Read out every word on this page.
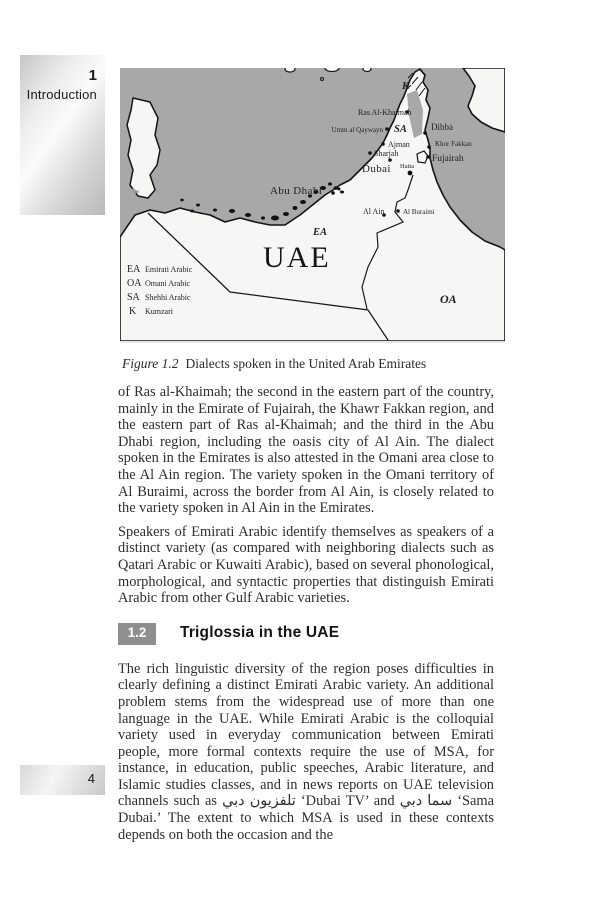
1
Introduction
Ras Al-Khaimah
Umm al Qaywayn
Ajman
Sharjah
Dubai Hatta
Dibba
Khor Fakkan
Fujairah
Abu Dhabi
Al Ain	Al Buraimi
K
SA
EA
OA
UAE
EA Emirati Arabic
OA Omani Arabic
SA Shehhi Arabic
K Kumzari
Figure 1.2 Dialects spoken in the United Arab Emirates

of Ras al-Khaimah; the second in the eastern part of the country, mainly in the Emirate of Fujairah, the Khawr Fakkan region, and the eastern part of Ras al-Khaimah; and the third in the Abu Dhabi region, including the oasis city of Al Ain. The dialect spoken in the Emirates is also attested in the Omani area close to the Al Ain region. The variety spoken in the Omani territory of Al Buraimi, across the border from Al Ain, is closely related to the variety spoken in Al Ain in the Emirates.

Speakers of Emirati Arabic identify themselves as speakers of a distinct variety (as compared with neighboring dialects such as Qatari Arabic or Kuwaiti Arabic), based on several phonological, morphological, and syntactic properties that distinguish Emirati Arabic from other Gulf Arabic varieties.

1.2 Triglossia in the UAE

The rich linguistic diversity of the region poses difficulties in clearly defining a distinct Emirati Arabic variety. An additional problem stems from the widespread use of more than one language in the UAE. While Emirati Arabic is the colloquial variety used in everyday communication between Emirati people, more formal contexts require the use of MSA, for instance, in education, public speeches, Arabic literature, and Islamic studies classes, and in news reports on UAE television channels such as تلفزيون دبي ‘Dubai TV’ and سما دبي ‘Sama Dubai.’ The extent to which MSA is used in these contexts depends on both the occasion and the

4
